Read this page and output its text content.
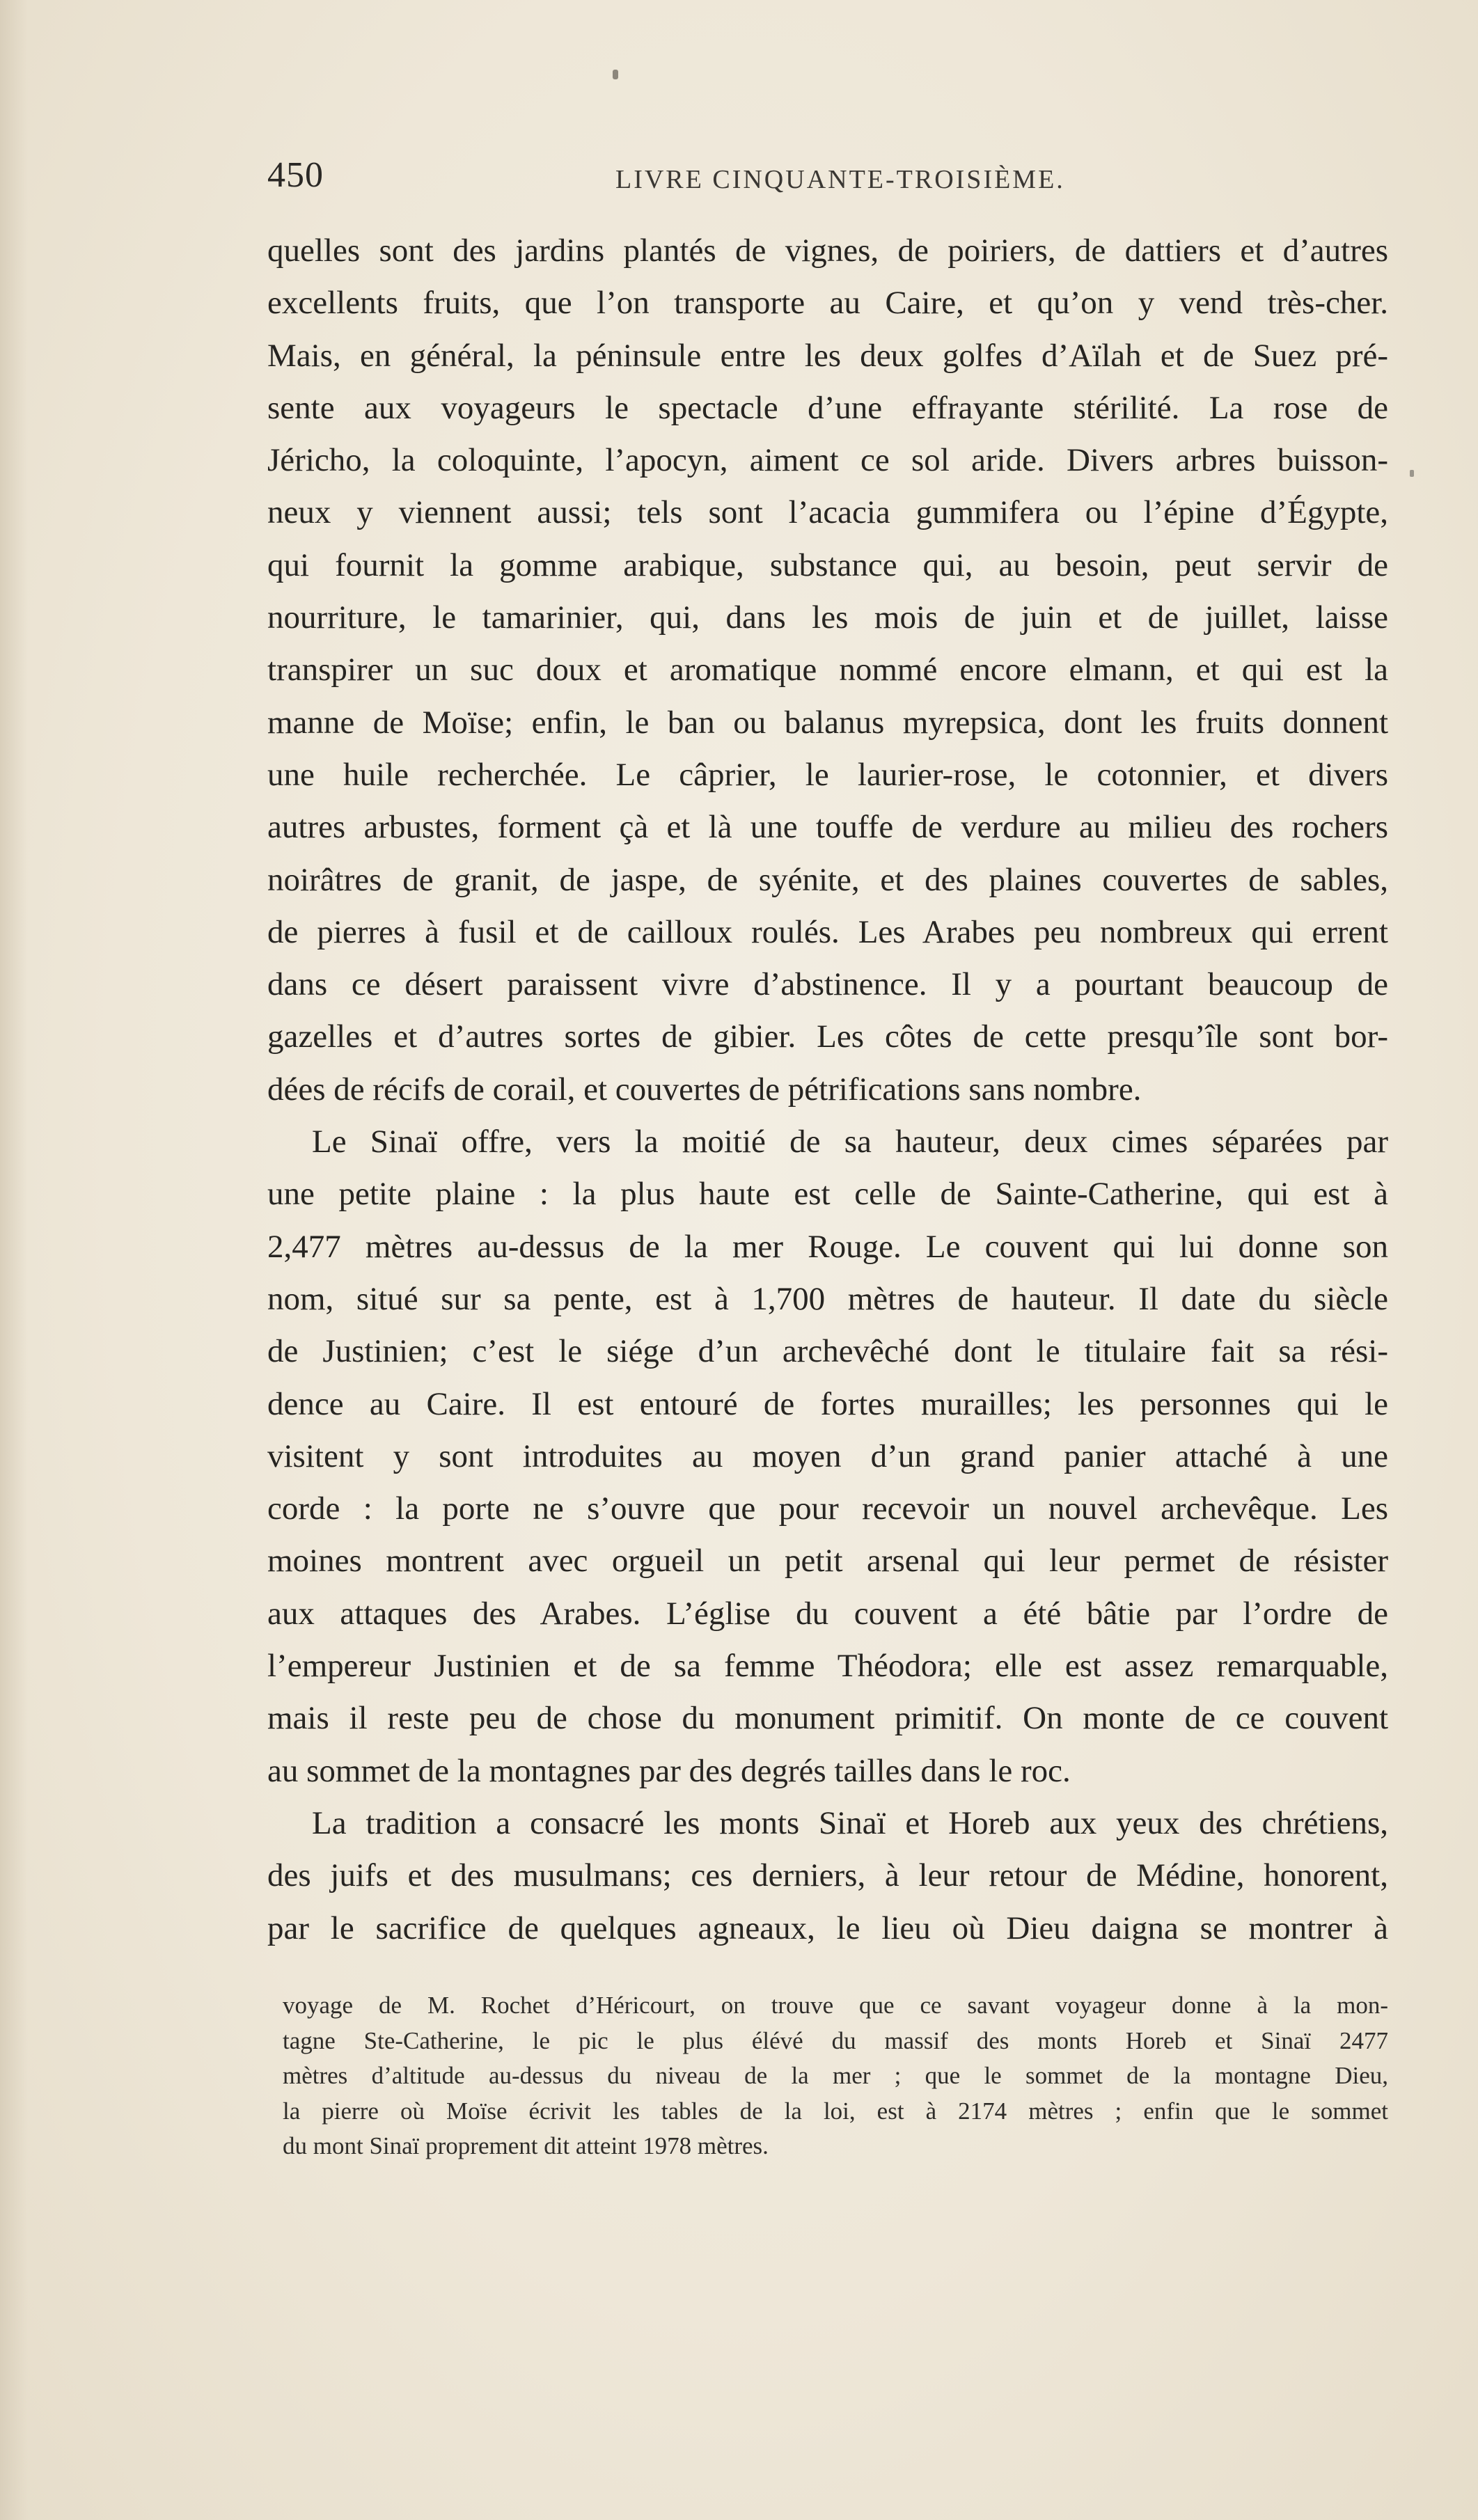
450	LIVRE CINQUANTE-TROISIÈME.
quelles sont des jardins plantés de vignes, de poiriers, de dattiers et d’autres
excellents fruits, que l’on transporte au Caire, et qu’on y vend très-cher.
Mais, en général, la péninsule entre les deux golfes d’Aïlah et de Suez pré-
sente aux voyageurs le spectacle d’une effrayante stérilité. La rose de
Jéricho, la coloquinte, l’apocyn, aiment ce sol aride. Divers arbres buisson-
neux y viennent aussi; tels sont l’acacia gummifera ou l’épine d’Égypte,
qui fournit la gomme arabique, substance qui, au besoin, peut servir de
nourriture, le tamarinier, qui, dans les mois de juin et de juillet, laisse
transpirer un suc doux et aromatique nommé encore elmann, et qui est la
manne de Moïse; enfin, le ban ou balanus myrepsica, dont les fruits donnent
une huile recherchée. Le câprier, le laurier-rose, le cotonnier, et divers
autres arbustes, forment çà et là une touffe de verdure au milieu des rochers
noirâtres de granit, de jaspe, de syénite, et des plaines couvertes de sables,
de pierres à fusil et de cailloux roulés. Les Arabes peu nombreux qui errent
dans ce désert paraissent vivre d’abstinence. Il y a pourtant beaucoup de
gazelles et d’autres sortes de gibier. Les côtes de cette presqu’île sont bor-
dées de récifs de corail, et couvertes de pétrifications sans nombre.
Le Sinaï offre, vers la moitié de sa hauteur, deux cimes séparées par
une petite plaine : la plus haute est celle de Sainte-Catherine, qui est à
2,477 mètres au-dessus de la mer Rouge. Le couvent qui lui donne son
nom, situé sur sa pente, est à 1,700 mètres de hauteur. Il date du siècle
de Justinien; c’est le siége d’un archevêché dont le titulaire fait sa rési-
dence au Caire. Il est entouré de fortes murailles; les personnes qui le
visitent y sont introduites au moyen d’un grand panier attaché à une
corde : la porte ne s’ouvre que pour recevoir un nouvel archevêque. Les
moines montrent avec orgueil un petit arsenal qui leur permet de résister
aux attaques des Arabes. L’église du couvent a été bâtie par l’ordre de
l’empereur Justinien et de sa femme Théodora; elle est assez remarquable,
mais il reste peu de chose du monument primitif. On monte de ce couvent
au sommet de la montagnes par des degrés tailles dans le roc.
La tradition a consacré les monts Sinaï et Horeb aux yeux des chrétiens,
des juifs et des musulmans; ces derniers, à leur retour de Médine, honorent,
par le sacrifice de quelques agneaux, le lieu où Dieu daigna se montrer à
voyage de M. Rochet d’Héricourt, on trouve que ce savant voyageur donne à la mon-
tagne Ste-Catherine, le pic le plus élévé du massif des monts Horeb et Sinaï 2477
mètres d’altitude au-dessus du niveau de la mer ; que le sommet de la montagne Dieu,
la pierre où Moïse écrivit les tables de la loi, est à 2174 mètres ; enfin que le sommet
du mont Sinaï proprement dit atteint 1978 mètres.
